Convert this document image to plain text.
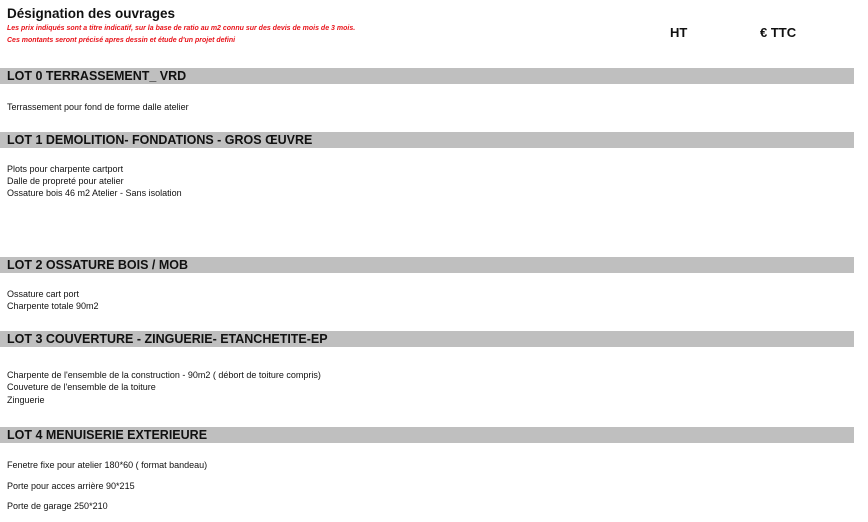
Désignation des ouvrages
Les prix indiqués sont a titre indicatif, sur la base de ratio au m2 connu sur des devis de mois de 3 mois.
Ces montants seront précisé apres dessin et étude d'un projet defini
HT	€ TTC
LOT 0 TERRASSEMENT_ VRD
Terrassement pour fond de forme dalle atelier
LOT 1 DEMOLITION- FONDATIONS - GROS ŒUVRE
Plots pour charpente cartport
Dalle de propreté pour atelier
Ossature bois 46 m2 Atelier - Sans isolation
LOT 2 OSSATURE BOIS / MOB
Ossature cart port
Charpente totale 90m2
LOT 3 COUVERTURE - ZINGUERIE- ETANCHETITE-EP
Charpente de l'ensemble de la construction - 90m2 ( débort de toiture compris)
Couveture de l'ensemble de la toiture
Zinguerie
LOT 4 MENUISERIE EXTERIEURE
Fenetre fixe pour atelier 180*60 ( format bandeau)
Porte pour acces arrière 90*215
Porte de garage 250*210
